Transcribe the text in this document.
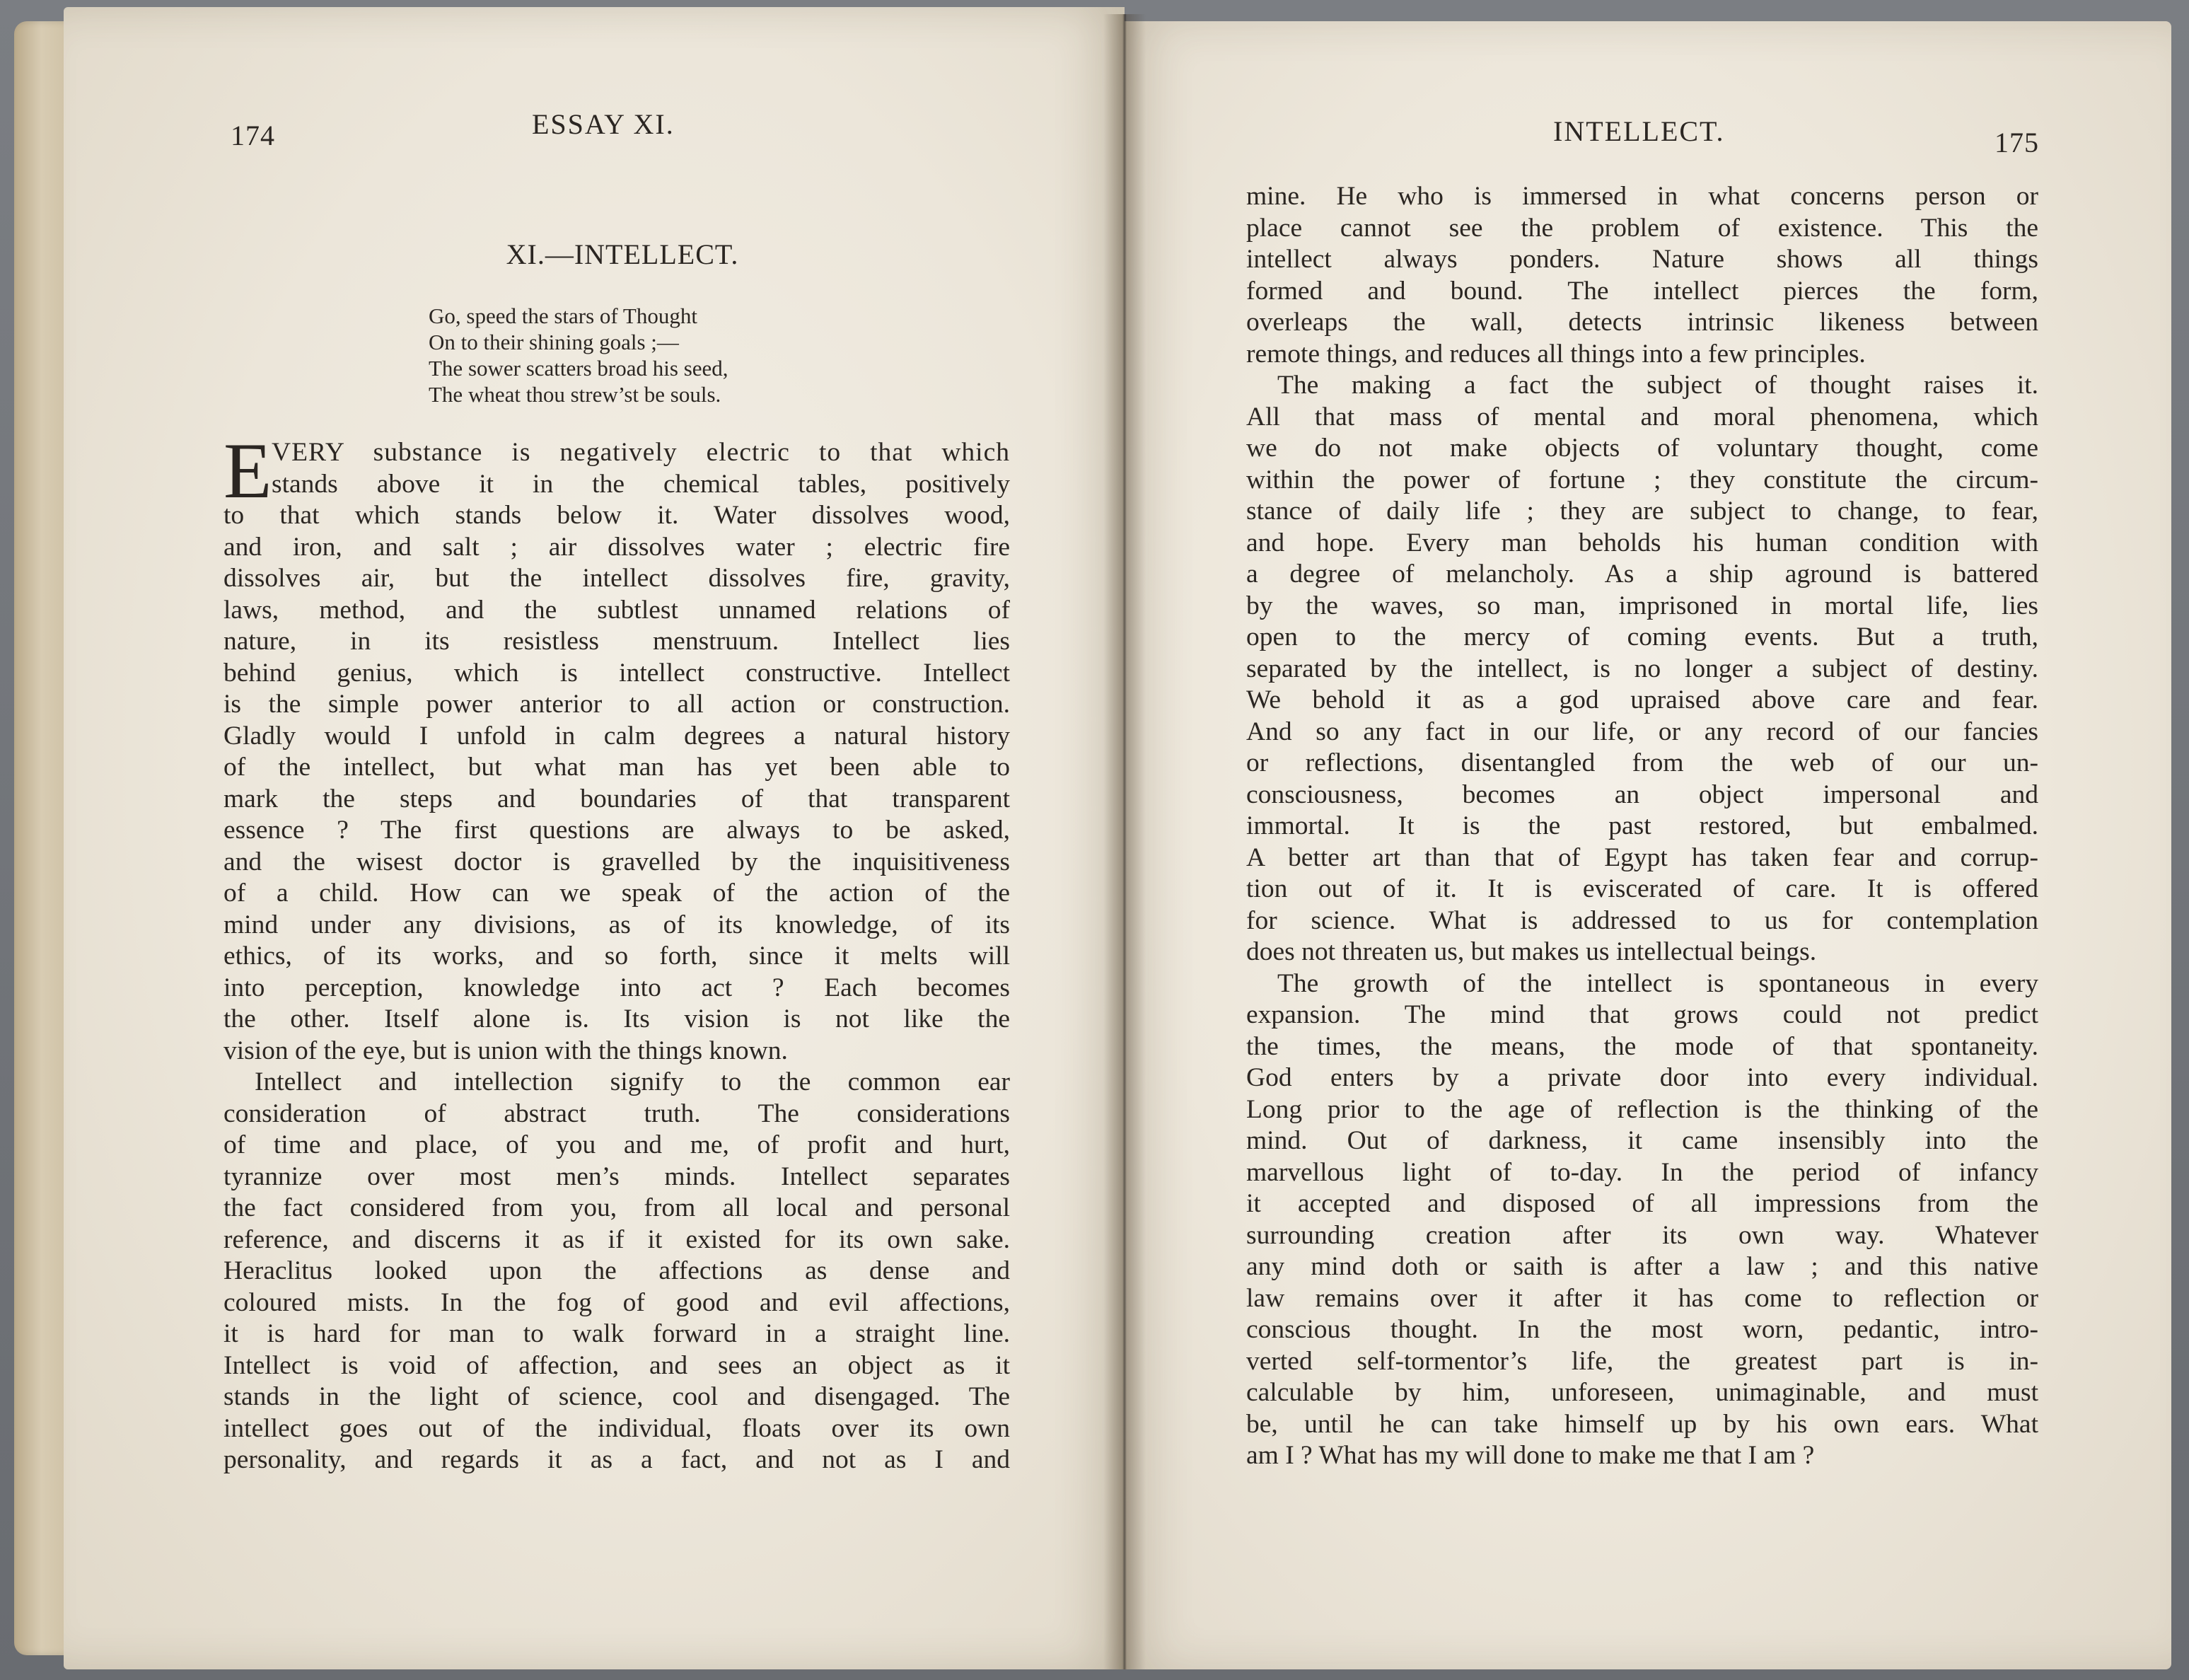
174	ESSAY XI.
XI.—INTELLECT.
Go, speed the stars of Thought
On to their shining goals ;—
The sower scatters broad his seed,
The wheat thou strew’st be souls.
E VERY substance is negatively electric to that which
stands above it in the chemical tables, positively
to that which stands below it. Water dissolves wood,
and iron, and salt ; air dissolves water ; electric fire
dissolves air, but the intellect dissolves fire, gravity,
laws, method, and the subtlest unnamed relations of
nature, in its resistless menstruum. Intellect lies
behind genius, which is intellect constructive. Intellect
is the simple power anterior to all action or construction.
Gladly would I unfold in calm degrees a natural history
of the intellect, but what man has yet been able to
mark the steps and boundaries of that transparent
essence ? The first questions are always to be asked,
and the wisest doctor is gravelled by the inquisitiveness
of a child. How can we speak of the action of the
mind under any divisions, as of its knowledge, of its
ethics, of its works, and so forth, since it melts will
into perception, knowledge into act ? Each becomes
the other. Itself alone is. Its vision is not like the
vision of the eye, but is union with the things known.
Intellect and intellection signify to the common ear
consideration of abstract truth. The considerations
of time and place, of you and me, of profit and hurt,
tyrannize over most men’s minds. Intellect separates
the fact considered from you, from all local and personal
reference, and discerns it as if it existed for its own sake.
Heraclitus looked upon the affections as dense and
coloured mists. In the fog of good and evil affections,
it is hard for man to walk forward in a straight line.
Intellect is void of affection, and sees an object as it
stands in the light of science, cool and disengaged. The
intellect goes out of the individual, floats over its own
personality, and regards it as a fact, and not as I and
INTELLECT.	175
mine. He who is immersed in what concerns person or
place cannot see the problem of existence. This the
intellect always ponders. Nature shows all things
formed and bound. The intellect pierces the form,
overleaps the wall, detects intrinsic likeness between
remote things, and reduces all things into a few principles.
The making a fact the subject of thought raises it.
All that mass of mental and moral phenomena, which
we do not make objects of voluntary thought, come
within the power of fortune ; they constitute the circum-
stance of daily life ; they are subject to change, to fear,
and hope. Every man beholds his human condition with
a degree of melancholy. As a ship aground is battered
by the waves, so man, imprisoned in mortal life, lies
open to the mercy of coming events. But a truth,
separated by the intellect, is no longer a subject of destiny.
We behold it as a god upraised above care and fear.
And so any fact in our life, or any record of our fancies
or reflections, disentangled from the web of our un-
consciousness, becomes an object impersonal and
immortal. It is the past restored, but embalmed.
A better art than that of Egypt has taken fear and corrup-
tion out of it. It is eviscerated of care. It is offered
for science. What is addressed to us for contemplation
does not threaten us, but makes us intellectual beings.
The growth of the intellect is spontaneous in every
expansion. The mind that grows could not predict
the times, the means, the mode of that spontaneity.
God enters by a private door into every individual.
Long prior to the age of reflection is the thinking of the
mind. Out of darkness, it came insensibly into the
marvellous light of to-day. In the period of infancy
it accepted and disposed of all impressions from the
surrounding creation after its own way. Whatever
any mind doth or saith is after a law ; and this native
law remains over it after it has come to reflection or
conscious thought. In the most worn, pedantic, intro-
verted self-tormentor’s life, the greatest part is in-
calculable by him, unforeseen, unimaginable, and must
be, until he can take himself up by his own ears. What
am I ? What has my will done to make me that I am ?
